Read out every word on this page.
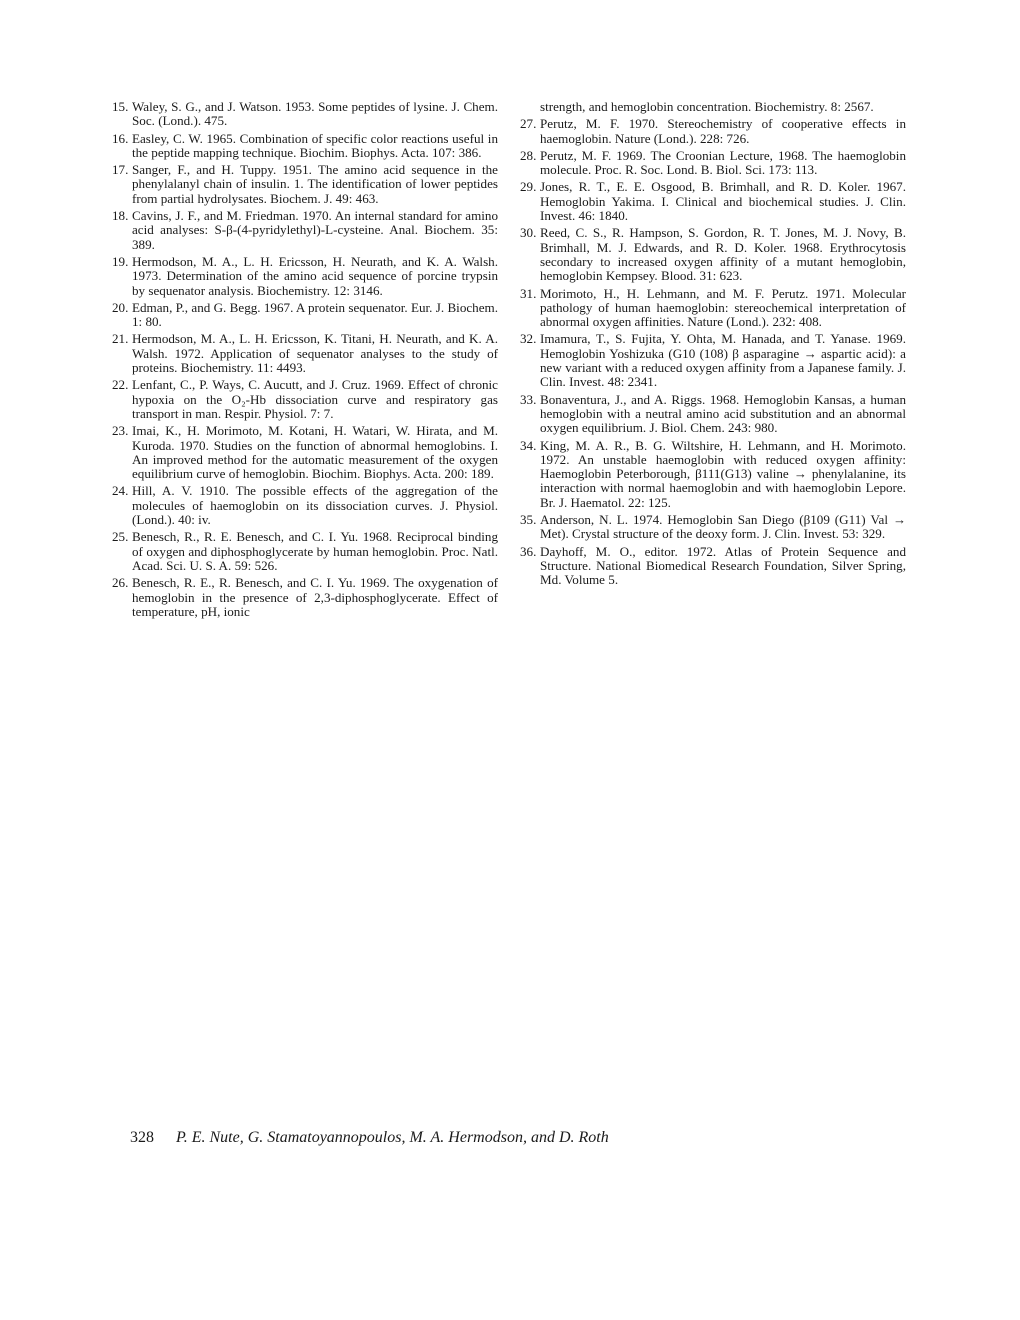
15. Waley, S. G., and J. Watson. 1953. Some peptides of lysine. J. Chem. Soc. (Lond.). 475.

16. Easley, C. W. 1965. Combination of specific color reactions useful in the peptide mapping technique. Biochim. Biophys. Acta. 107: 386.

17. Sanger, F., and H. Tuppy. 1951. The amino acid sequence in the phenylalanyl chain of insulin. 1. The identification of lower peptides from partial hydrolysates. Biochem. J. 49: 463.

18. Cavins, J. F., and M. Friedman. 1970. An internal standard for amino acid analyses: S-β-(4-pyridylethyl)-L-cysteine. Anal. Biochem. 35: 389.

19. Hermodson, M. A., L. H. Ericsson, H. Neurath, and K. A. Walsh. 1973. Determination of the amino acid sequence of porcine trypsin by sequenator analysis. Biochemistry. 12: 3146.

20. Edman, P., and G. Begg. 1967. A protein sequenator. Eur. J. Biochem. 1: 80.

21. Hermodson, M. A., L. H. Ericsson, K. Titani, H. Neurath, and K. A. Walsh. 1972. Application of sequenator analyses to the study of proteins. Biochemistry. 11: 4493.

22. Lenfant, C., P. Ways, C. Aucutt, and J. Cruz. 1969. Effect of chronic hypoxia on the O₂-Hb dissociation curve and respiratory gas transport in man. Respir. Physiol. 7: 7.

23. Imai, K., H. Morimoto, M. Kotani, H. Watari, W. Hirata, and M. Kuroda. 1970. Studies on the function of abnormal hemoglobins. I. An improved method for the automatic measurement of the oxygen equilibrium curve of hemoglobin. Biochim. Biophys. Acta. 200: 189.

24. Hill, A. V. 1910. The possible effects of the aggregation of the molecules of haemoglobin on its dissociation curves. J. Physiol. (Lond.). 40: iv.

25. Benesch, R., R. E. Benesch, and C. I. Yu. 1968. Reciprocal binding of oxygen and diphosphoglycerate by human hemoglobin. Proc. Natl. Acad. Sci. U. S. A. 59: 526.

26. Benesch, R. E., R. Benesch, and C. I. Yu. 1969. The oxygenation of hemoglobin in the presence of 2,3-diphosphoglycerate. Effect of temperature, pH, ionic

strength, and hemoglobin concentration. Biochemistry. 8: 2567.

27. Perutz, M. F. 1970. Stereochemistry of cooperative effects in haemoglobin. Nature (Lond.). 228: 726.

28. Perutz, M. F. 1969. The Croonian Lecture, 1968. The haemoglobin molecule. Proc. R. Soc. Lond. B. Biol. Sci. 173: 113.

29. Jones, R. T., E. E. Osgood, B. Brimhall, and R. D. Koler. 1967. Hemoglobin Yakima. I. Clinical and biochemical studies. J. Clin. Invest. 46: 1840.

30. Reed, C. S., R. Hampson, S. Gordon, R. T. Jones, M. J. Novy, B. Brimhall, M. J. Edwards, and R. D. Koler. 1968. Erythrocytosis secondary to increased oxygen affinity of a mutant hemoglobin, hemoglobin Kempsey. Blood. 31: 623.

31. Morimoto, H., H. Lehmann, and M. F. Perutz. 1971. Molecular pathology of human haemoglobin: stereochemical interpretation of abnormal oxygen affinities. Nature (Lond.). 232: 408.

32. Imamura, T., S. Fujita, Y. Ohta, M. Hanada, and T. Yanase. 1969. Hemoglobin Yoshizuka (G10 (108) β asparagine → aspartic acid): a new variant with a reduced oxygen affinity from a Japanese family. J. Clin. Invest. 48: 2341.

33. Bonaventura, J., and A. Riggs. 1968. Hemoglobin Kansas, a human hemoglobin with a neutral amino acid substitution and an abnormal oxygen equilibrium. J. Biol. Chem. 243: 980.

34. King, M. A. R., B. G. Wiltshire, H. Lehmann, and H. Morimoto. 1972. An unstable haemoglobin with reduced oxygen affinity: Haemoglobin Peterborough, β111(G13) valine → phenylalanine, its interaction with normal haemoglobin and with haemoglobin Lepore. Br. J. Haematol. 22: 125.

35. Anderson, N. L. 1974. Hemoglobin San Diego (β109 (G11) Val → Met). Crystal structure of the deoxy form. J. Clin. Invest. 53: 329.

36. Dayhoff, M. O., editor. 1972. Atlas of Protein Sequence and Structure. National Biomedical Research Foundation, Silver Spring, Md. Volume 5.

328 P. E. Nute, G. Stamatoyannopoulos, M. A. Hermodson, and D. Roth
